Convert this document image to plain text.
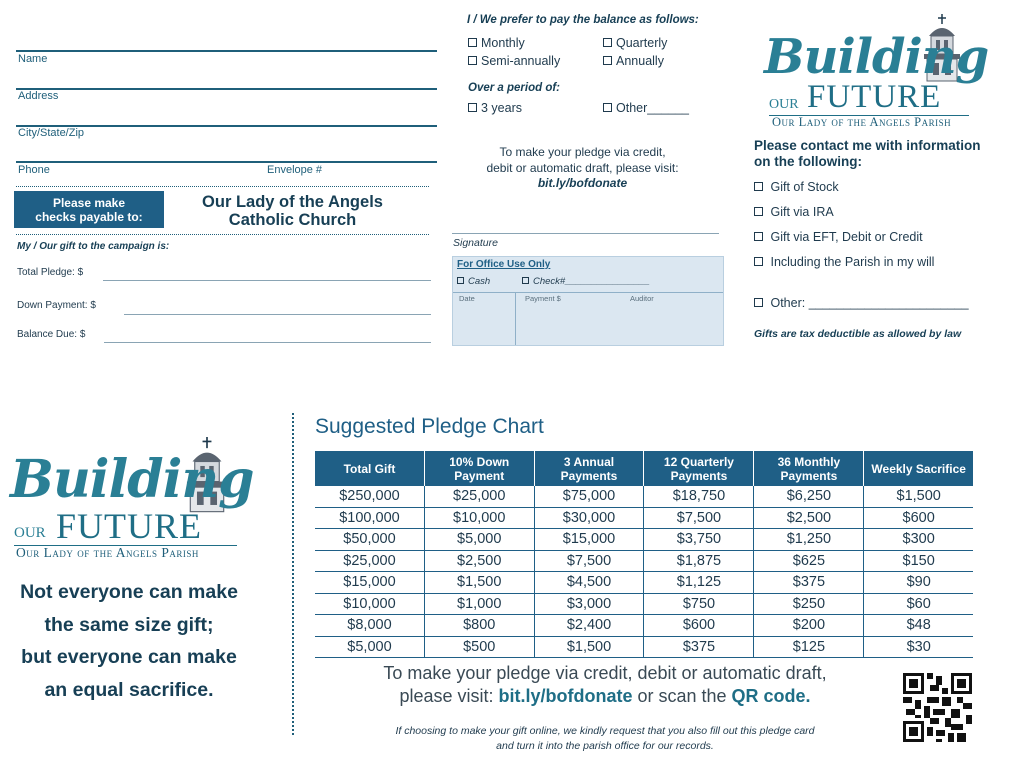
Name
Address
City/State/Zip
Phone	Envelope #
Please make
checks payable to:
Our Lady of the Angels
Catholic Church
My / Our gift to the campaign is:
Total Pledge: $
Down Payment: $
Balance Due: $
I / We prefer to pay the balance as follows:
Monthly	Quarterly
Semi-annually	Annually
Over a period of:
3 years	Other______
To make your pledge via credit,
debit or automatic draft, please visit:
bit.ly/bofdonate
Signature
For Office Use Only
Cash	Check#________________
Date	Payment $	Auditor
Building
OUR FUTURE
Our Lady of the Angels Parish
Please contact me with information
on the following:
Gift of Stock
Gift via IRA
Gift via EFT, Debit or Credit
Including the Parish in my will
Other: _______________________
Gifts are tax deductible as allowed by law
Building
OUR FUTURE
Our Lady of the Angels Parish
Not everyone can make
the same size gift;
but everyone can make
an equal sacrifice.
Suggested Pledge Chart
Total Gift	10% Down Payment	3 Annual Payments	12 Quarterly Payments	36 Monthly Payments	Weekly Sacrifice
$250,000	$25,000	$75,000	$18,750	$6,250	$1,500
$100,000	$10,000	$30,000	$7,500	$2,500	$600
$50,000	$5,000	$15,000	$3,750	$1,250	$300
$25,000	$2,500	$7,500	$1,875	$625	$150
$15,000	$1,500	$4,500	$1,125	$375	$90
$10,000	$1,000	$3,000	$750	$250	$60
$8,000	$800	$2,400	$600	$200	$48
$5,000	$500	$1,500	$375	$125	$30
To make your pledge via credit, debit or automatic draft,
please visit: bit.ly/bofdonate or scan the QR code.
If choosing to make your gift online, we kindly request that you also fill out this pledge card
and turn it into the parish office for our records.
